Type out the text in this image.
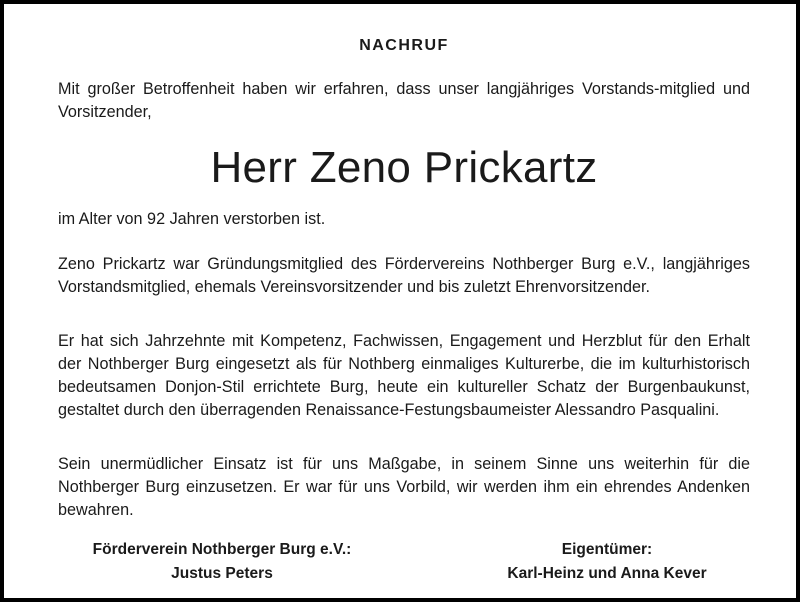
NACHRUF

Mit großer Betroffenheit haben wir erfahren, dass unser langjähriges Vorstands-mitglied und Vorsitzender,

Herr Zeno Prickartz

im Alter von 92 Jahren verstorben ist.

Zeno Prickartz war Gründungsmitglied des Fördervereins Nothberger Burg e.V., langjähriges Vorstandsmitglied, ehemals Vereinsvorsitzender und bis zuletzt Ehrenvorsitzender.

Er hat sich Jahrzehnte mit Kompetenz, Fachwissen, Engagement und Herzblut für den Erhalt der Nothberger Burg eingesetzt als für Nothberg einmaliges Kulturerbe, die im kulturhistorisch bedeutsamen Donjon-Stil errichtete Burg, heute ein kultureller Schatz der Burgenbaukunst, gestaltet durch den überragenden Renaissance-Festungsbaumeister Alessandro Pasqualini.

Sein unermüdlicher Einsatz ist für uns Maßgabe, in seinem Sinne uns weiterhin für die Nothberger Burg einzusetzen. Er war für uns Vorbild, wir werden ihm ein ehrendes Andenken bewahren.

Förderverein Nothberger Burg e.V.:
Justus Peters
Eigentümer:
Karl-Heinz und Anna Kever
